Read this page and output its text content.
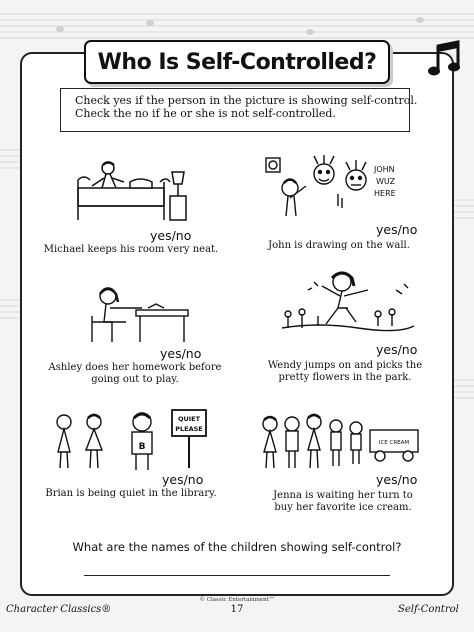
Who Is Self-Controlled?
Check yes if the person in the picture is showing self-control.
Check the no if he or she is not self-controlled.
yes/no
Michael keeps his room very neat.
JOHN
WUZ
HERE
yes/no
John is drawing on the wall.
yes/no
Ashley does her homework before
going out to play.
yes/no
Wendy jumps on and picks the
pretty flowers in the park.
B
QUIET
PLEASE
yes/no
Brian is being quiet in the library.
ICE CREAM
yes/no
Jenna is waiting her turn to
buy her favorite ice cream.
What are the names of the children showing self-control?
© Classic Entertainment™
Character Classics®	17	Self-Control
